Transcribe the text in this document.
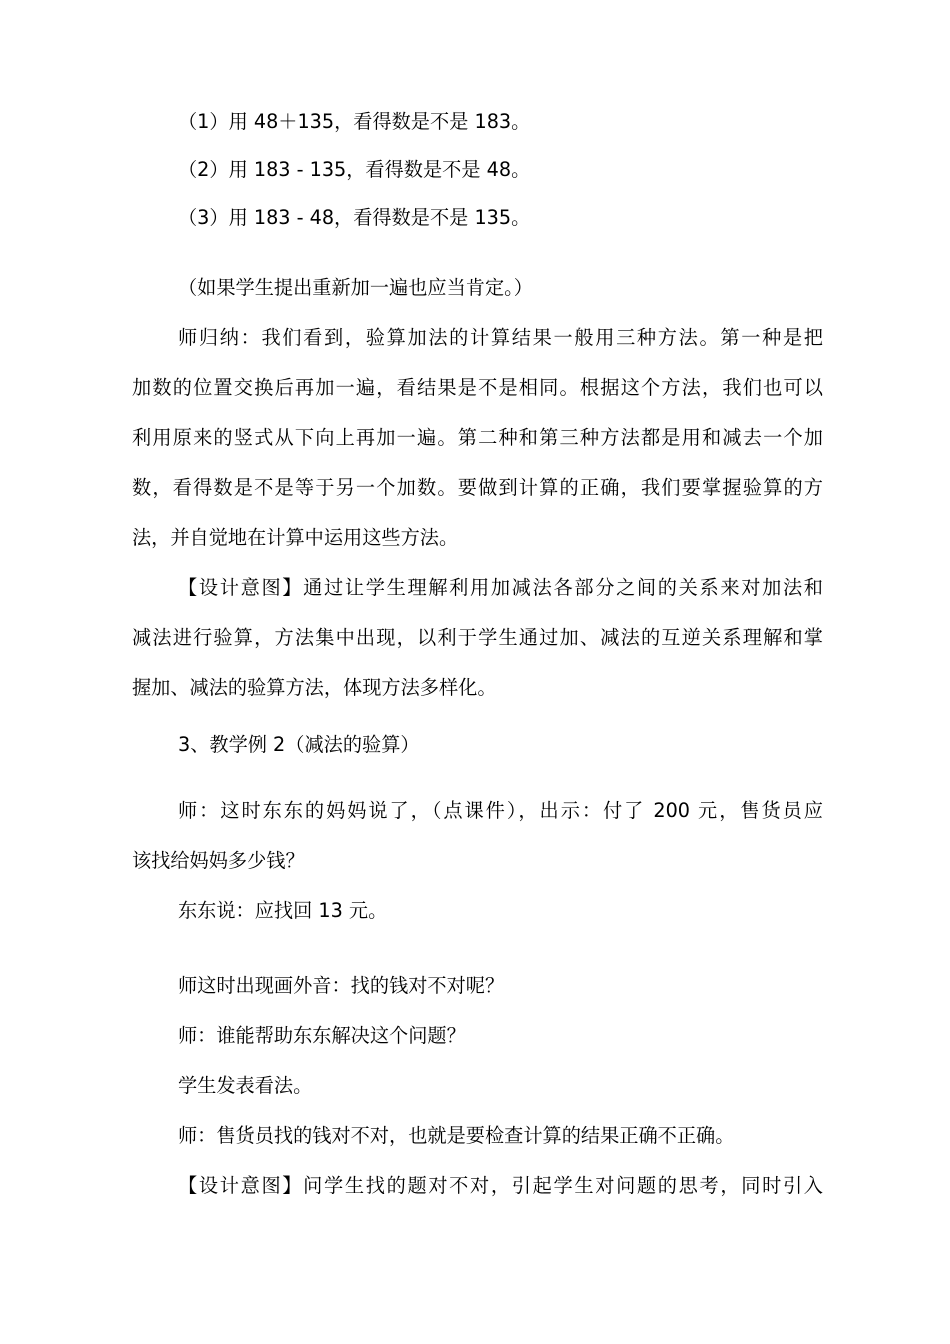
（1）用 48＋135，看得数是不是 183。
（2）用 183 - 135，看得数是不是 48。
（3）用 183 - 48，看得数是不是 135。
（如果学生提出重新加一遍也应当肯定。）
师归纳：我们看到，验算加法的计算结果一般用三种方法。第一种是把
加数的位置交换后再加一遍，看结果是不是相同。根据这个方法，我们也可以
利用原来的竖式从下向上再加一遍。第二种和第三种方法都是用和减去一个加
数，看得数是不是等于另一个加数。要做到计算的正确，我们要掌握验算的方
法，并自觉地在计算中运用这些方法。
【设计意图】通过让学生理解利用加减法各部分之间的关系来对加法和
减法进行验算，方法集中出现，以利于学生通过加、减法的互逆关系理解和掌
握加、减法的验算方法，体现方法多样化。
3、教学例 2（减法的验算）
师：这时东东的妈妈说了，（点课件），出示：付了 200 元，售货员应
该找给妈妈多少钱？
东东说：应找回 13 元。
师这时出现画外音：找的钱对不对呢？
师：谁能帮助东东解决这个问题？
学生发表看法。
师：售货员找的钱对不对，也就是要检查计算的结果正确不正确。
【设计意图】问学生找的题对不对，引起学生对问题的思考，同时引入
